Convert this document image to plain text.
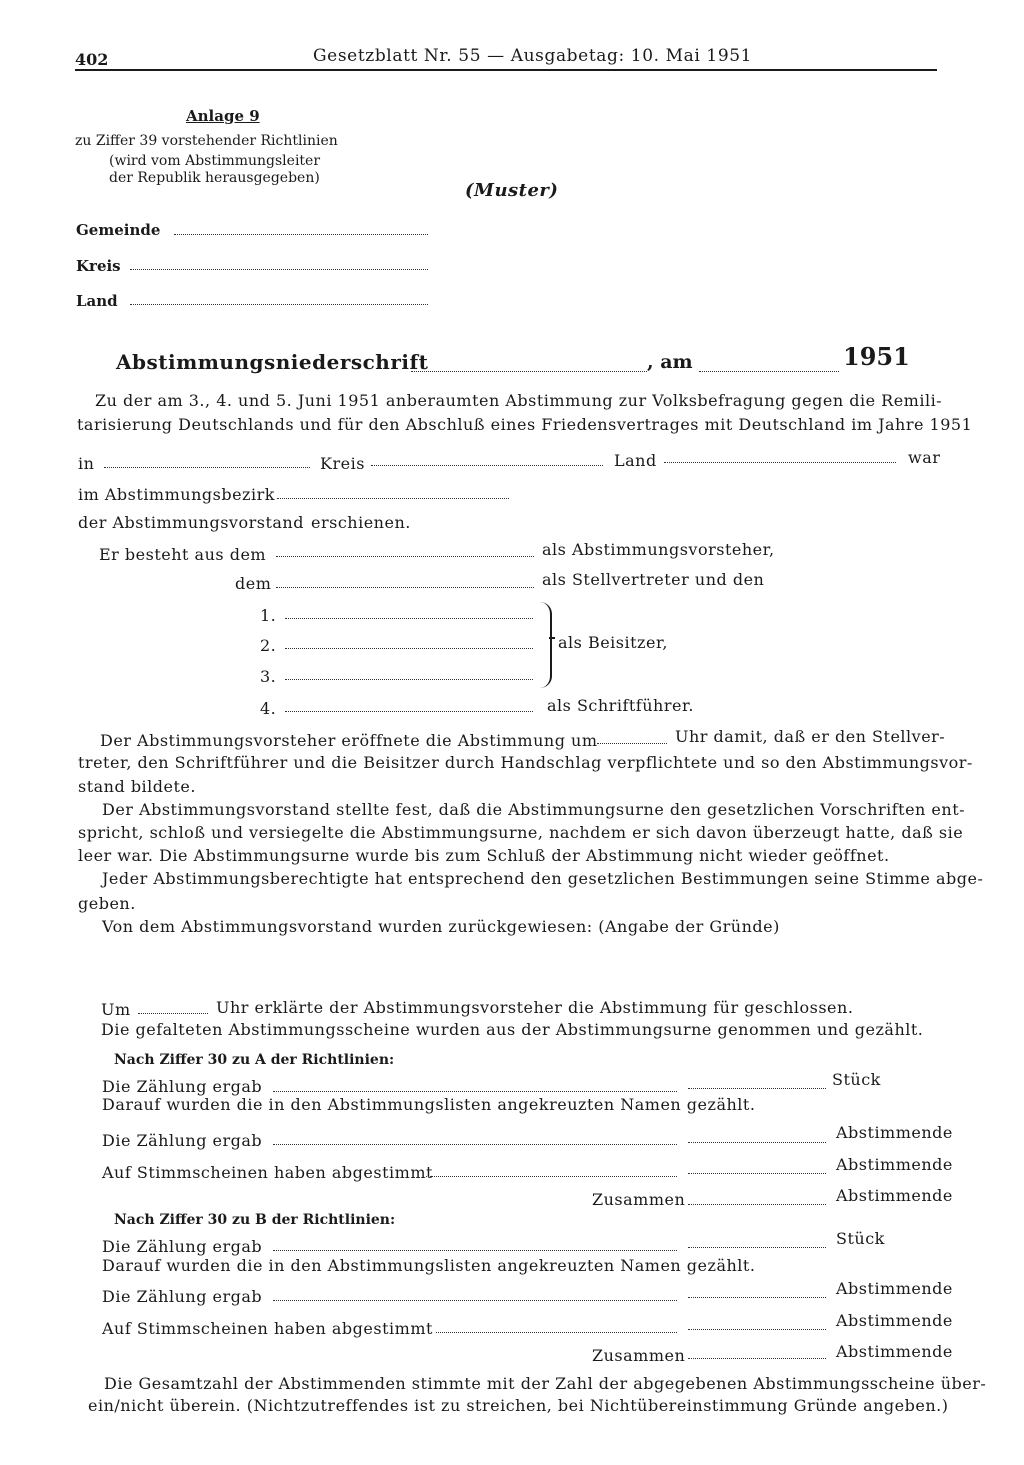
402	Gesetzblatt Nr. 55 — Ausgabetag: 10. Mai 1951
Anlage 9
zu Ziffer 39 vorstehender Richtlinien
(wird vom Abstimmungsleiter
der Republik herausgegeben)
(Muster)
Gemeinde
Kreis
Land
Abstimmungsniederschrift	, am	1951
Zu der am 3., 4. und 5. Juni 1951 anberaumten Abstimmung zur Volksbefragung gegen die Remili-
tarisierung Deutschlands und für den Abschluß eines Friedensvertrages mit Deutschland im Jahre 1951
in	Kreis	Land	war
im Abstimmungsbezirk
der Abstimmungsvorstand erschienen.
Er besteht aus dem	als Abstimmungsvorsteher,
dem	als Stellvertreter und den
1.
2.
3.
als Beisitzer,
4.	als Schriftführer.
Der Abstimmungsvorsteher eröffnete die Abstimmung um	Uhr damit, daß er den Stellver-
treter, den Schriftführer und die Beisitzer durch Handschlag verpflichtete und so den Abstimmungsvor-
stand bildete.
Der Abstimmungsvorstand stellte fest, daß die Abstimmungsurne den gesetzlichen Vorschriften ent-
spricht, schloß und versiegelte die Abstimmungsurne, nachdem er sich davon überzeugt hatte, daß sie
leer war. Die Abstimmungsurne wurde bis zum Schluß der Abstimmung nicht wieder geöffnet.
Jeder Abstimmungsberechtigte hat entsprechend den gesetzlichen Bestimmungen seine Stimme abge-
geben.
Von dem Abstimmungsvorstand wurden zurückgewiesen: (Angabe der Gründe)
Um	Uhr erklärte der Abstimmungsvorsteher die Abstimmung für geschlossen.
Die gefalteten Abstimmungsscheine wurden aus der Abstimmungsurne genommen und gezählt.
Nach Ziffer 30 zu A der Richtlinien:
Die Zählung ergab	Stück
Darauf wurden die in den Abstimmungslisten angekreuzten Namen gezählt.
Die Zählung ergab	Abstimmende
Auf Stimmscheinen haben abgestimmt	Abstimmende
Zusammen	Abstimmende
Nach Ziffer 30 zu B der Richtlinien:
Die Zählung ergab	Stück
Darauf wurden die in den Abstimmungslisten angekreuzten Namen gezählt.
Die Zählung ergab	Abstimmende
Auf Stimmscheinen haben abgestimmt	Abstimmende
Zusammen	Abstimmende
Die Gesamtzahl der Abstimmenden stimmte mit der Zahl der abgegebenen Abstimmungsscheine über-
ein/nicht überein. (Nichtzutreffendes ist zu streichen, bei Nichtübereinstimmung Gründe angeben.)
